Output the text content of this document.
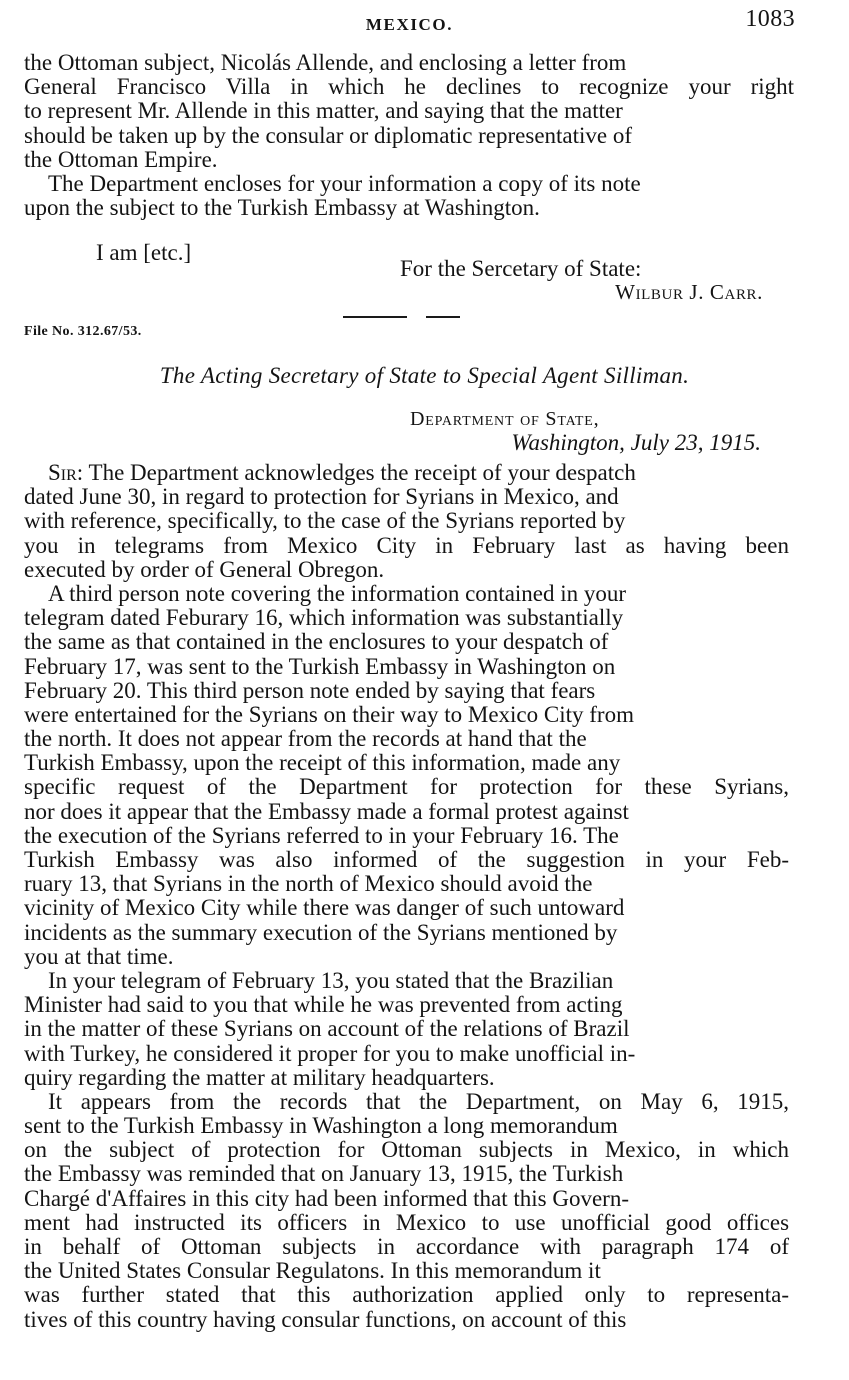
MEXICO.	1083
the Ottoman subject, Nicolás Allende, and enclosing a letter from
General Francisco Villa in which he declines to recognize your right
to represent Mr. Allende in this matter, and saying that the matter
should be taken up by the consular or diplomatic representative of
the Ottoman Empire.
The Department encloses for your information a copy of its note
upon the subject to the Turkish Embassy at Washington.
I am [etc.]
For the Sercetary of State:
Wilbur J. Carr.
File No. 312.67/53.
The Acting Secretary of State to Special Agent Silliman.
Department of State,
Washington, July 23, 1915.
Sir: The Department acknowledges the receipt of your despatch
dated June 30, in regard to protection for Syrians in Mexico, and
with reference, specifically, to the case of the Syrians reported by
you in telegrams from Mexico City in February last as having been
executed by order of General Obregon.
A third person note covering the information contained in your
telegram dated Feburary 16, which information was substantially
the same as that contained in the enclosures to your despatch of
February 17, was sent to the Turkish Embassy in Washington on
February 20. This third person note ended by saying that fears
were entertained for the Syrians on their way to Mexico City from
the north. It does not appear from the records at hand that the
Turkish Embassy, upon the receipt of this information, made any
specific request of the Department for protection for these Syrians,
nor does it appear that the Embassy made a formal protest against
the execution of the Syrians referred to in your February 16. The
Turkish Embassy was also informed of the suggestion in your Feb-
ruary 13, that Syrians in the north of Mexico should avoid the
vicinity of Mexico City while there was danger of such untoward
incidents as the summary execution of the Syrians mentioned by
you at that time.
In your telegram of February 13, you stated that the Brazilian
Minister had said to you that while he was prevented from acting
in the matter of these Syrians on account of the relations of Brazil
with Turkey, he considered it proper for you to make unofficial in-
quiry regarding the matter at military headquarters.
It appears from the records that the Department, on May 6, 1915,
sent to the Turkish Embassy in Washington a long memorandum
on the subject of protection for Ottoman subjects in Mexico, in which
the Embassy was reminded that on January 13, 1915, the Turkish
Chargé d'Affaires in this city had been informed that this Govern-
ment had instructed its officers in Mexico to use unofficial good offices
in behalf of Ottoman subjects in accordance with paragraph 174 of
the United States Consular Regulatons. In this memorandum it
was further stated that this authorization applied only to representa-
tives of this country having consular functions, on account of this
